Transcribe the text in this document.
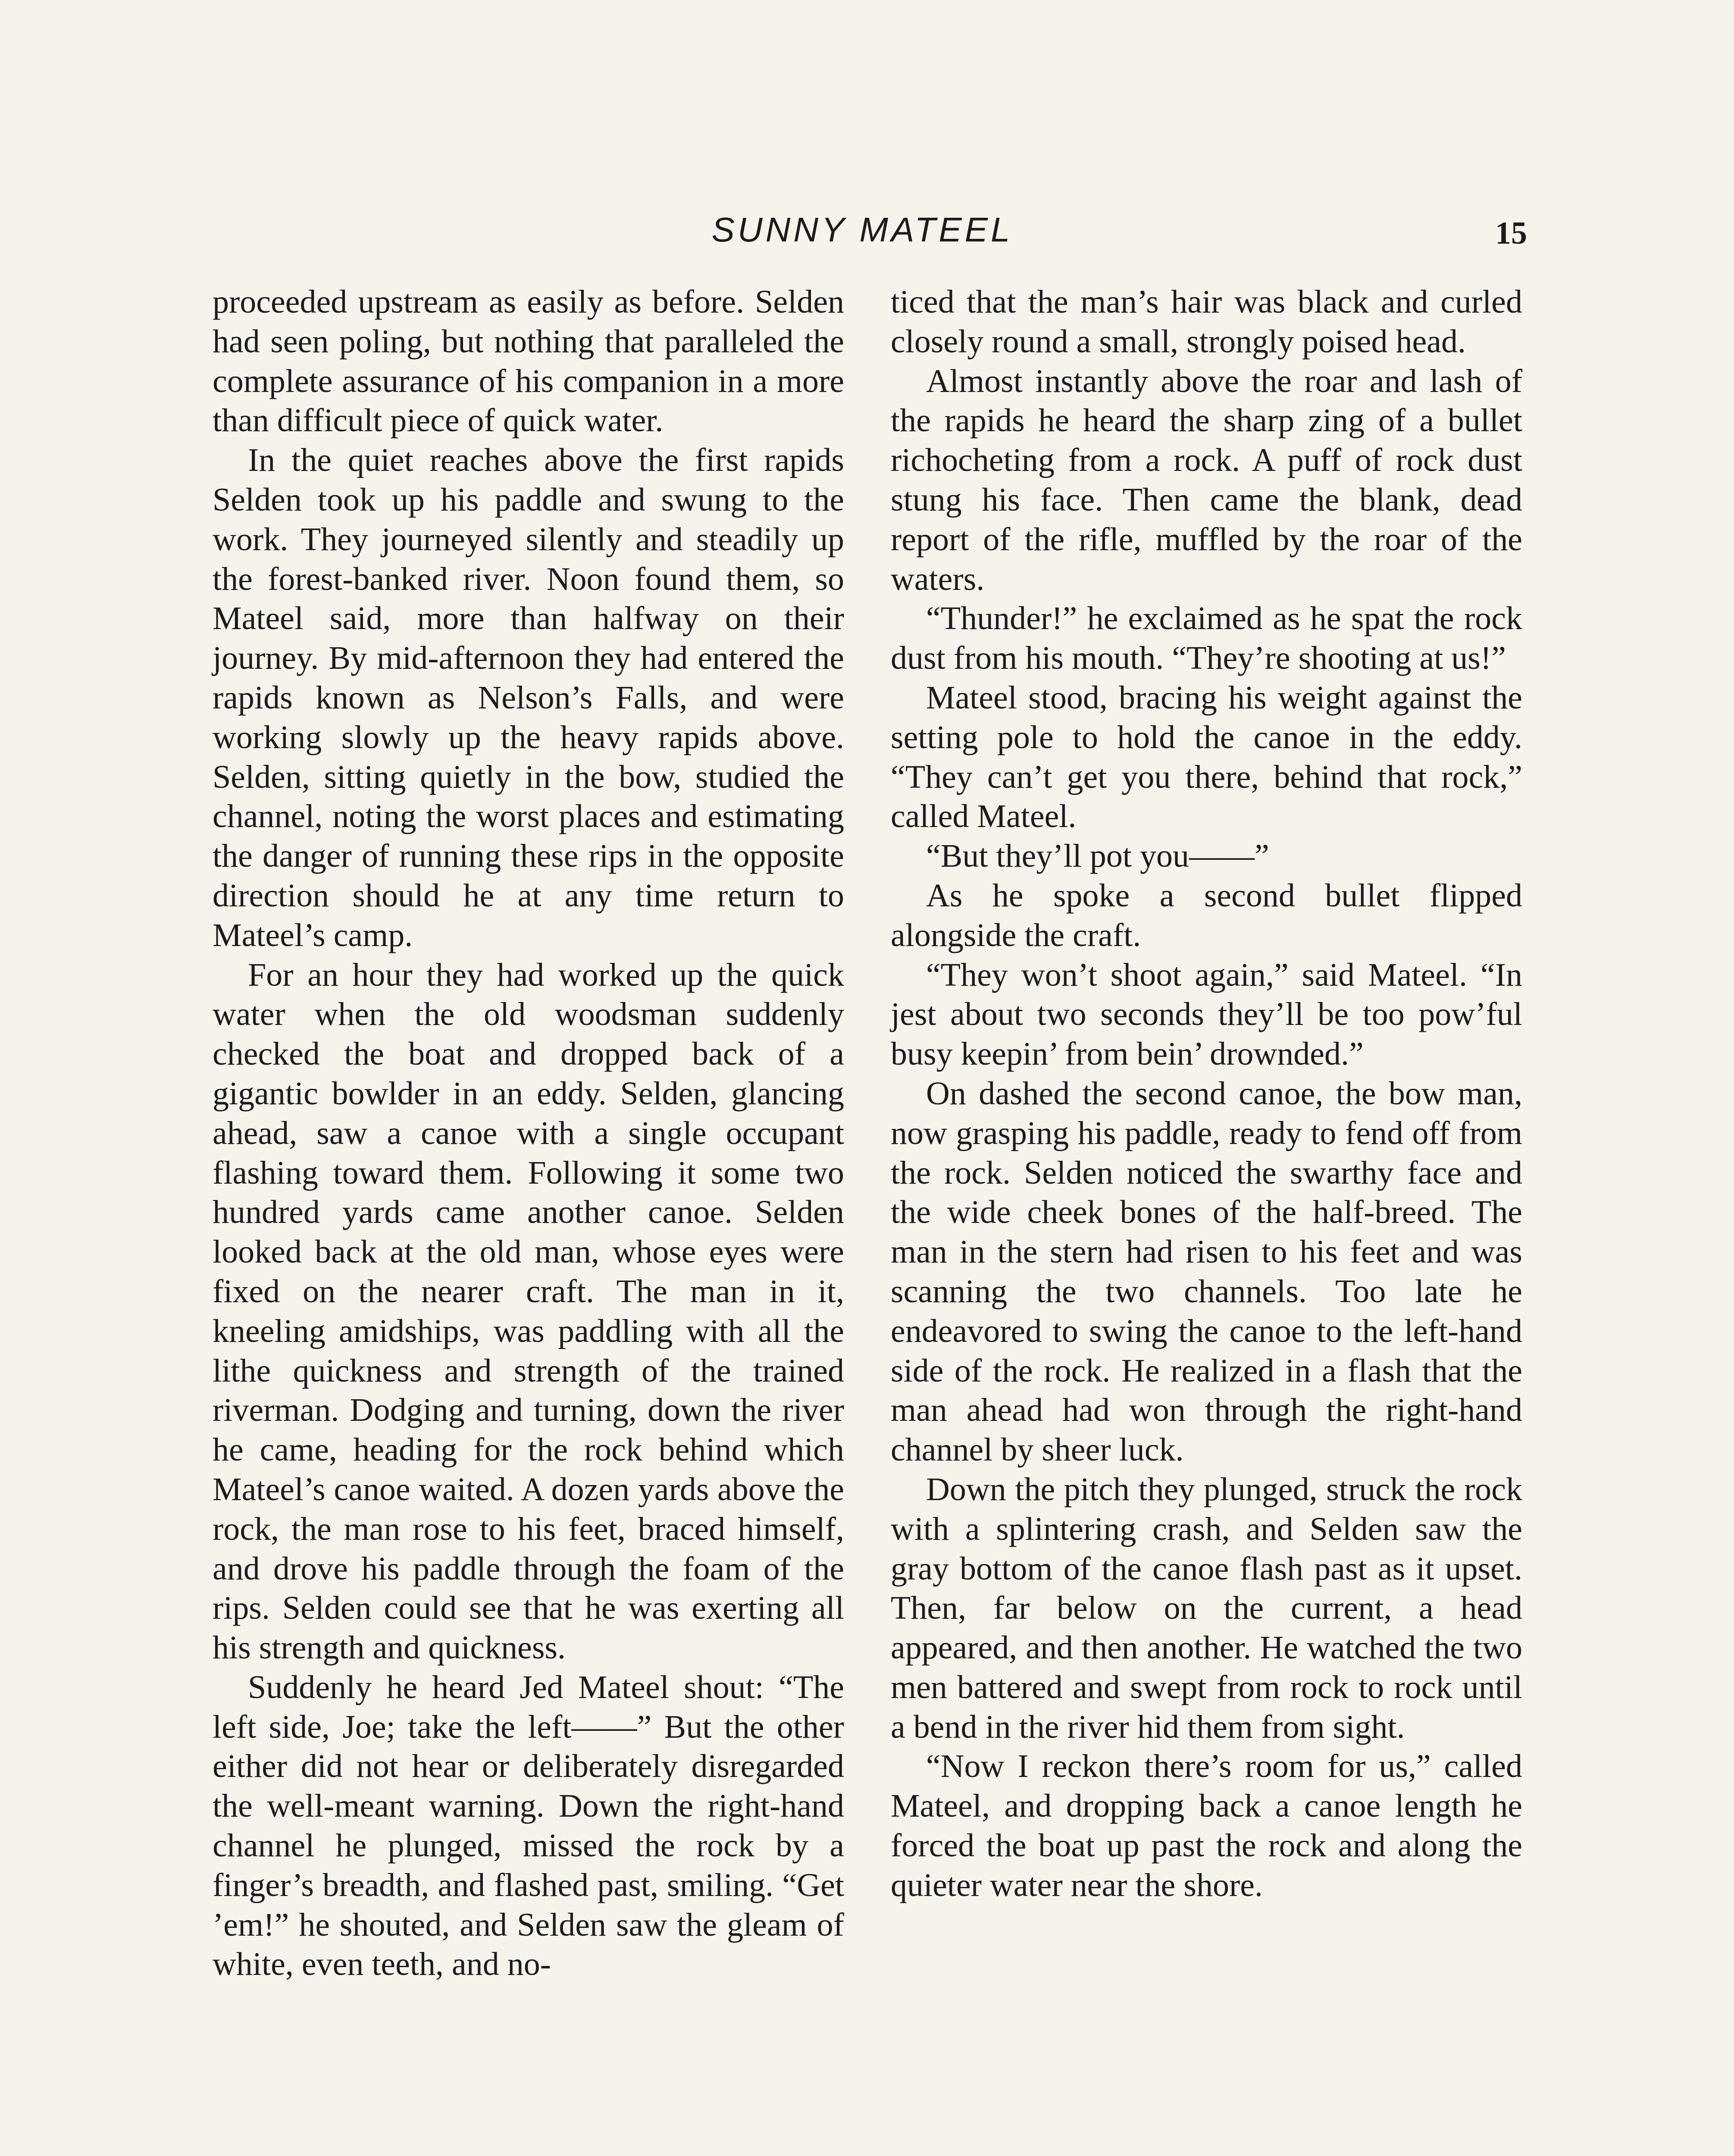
SUNNY MATEEL	15

proceeded upstream as easily as before. Selden had seen poling, but nothing that paralleled the complete assurance of his companion in a more than difficult piece of quick water.

In the quiet reaches above the first rapids Selden took up his paddle and swung to the work. They journeyed silently and steadily up the forest-banked river. Noon found them, so Mateel said, more than halfway on their journey. By mid-afternoon they had entered the rapids known as Nelson’s Falls, and were working slowly up the heavy rapids above. Selden, sitting quietly in the bow, studied the channel, noting the worst places and estimating the danger of running these rips in the opposite direction should he at any time return to Mateel’s camp.

For an hour they had worked up the quick water when the old woodsman suddenly checked the boat and dropped back of a gigantic bowlder in an eddy. Selden, glancing ahead, saw a canoe with a single occupant flashing toward them. Following it some two hundred yards came another canoe. Selden looked back at the old man, whose eyes were fixed on the nearer craft. The man in it, kneeling amidships, was paddling with all the lithe quickness and strength of the trained riverman. Dodging and turning, down the river he came, heading for the rock behind which Mateel’s canoe waited. A dozen yards above the rock, the man rose to his feet, braced himself, and drove his paddle through the foam of the rips. Selden could see that he was exerting all his strength and quickness.

Suddenly he heard Jed Mateel shout: “The left side, Joe; take the left——” But the other either did not hear or deliberately disregarded the well-meant warning. Down the right-hand channel he plunged, missed the rock by a finger’s breadth, and flashed past, smiling. “Get ’em!” he shouted, and Selden saw the gleam of white, even teeth, and no-

ticed that the man’s hair was black and curled closely round a small, strongly poised head.

Almost instantly above the roar and lash of the rapids he heard the sharp zing of a bullet richocheting from a rock. A puff of rock dust stung his face. Then came the blank, dead report of the rifle, muffled by the roar of the waters.

“Thunder!” he exclaimed as he spat the rock dust from his mouth. “They’re shooting at us!”

Mateel stood, bracing his weight against the setting pole to hold the canoe in the eddy. “They can’t get you there, behind that rock,” called Mateel.

“But they’ll pot you——”

As he spoke a second bullet flipped alongside the craft.

“They won’t shoot again,” said Mateel. “In jest about two seconds they’ll be too pow’ful busy keepin’ from bein’ drownded.”

On dashed the second canoe, the bow man, now grasping his paddle, ready to fend off from the rock. Selden noticed the swarthy face and the wide cheek bones of the half-breed. The man in the stern had risen to his feet and was scanning the two channels. Too late he endeavored to swing the canoe to the left-hand side of the rock. He realized in a flash that the man ahead had won through the right-hand channel by sheer luck.

Down the pitch they plunged, struck the rock with a splintering crash, and Selden saw the gray bottom of the canoe flash past as it upset. Then, far below on the current, a head appeared, and then another. He watched the two men battered and swept from rock to rock until a bend in the river hid them from sight.

“Now I reckon there’s room for us,” called Mateel, and dropping back a canoe length he forced the boat up past the rock and along the quieter water near the shore.
